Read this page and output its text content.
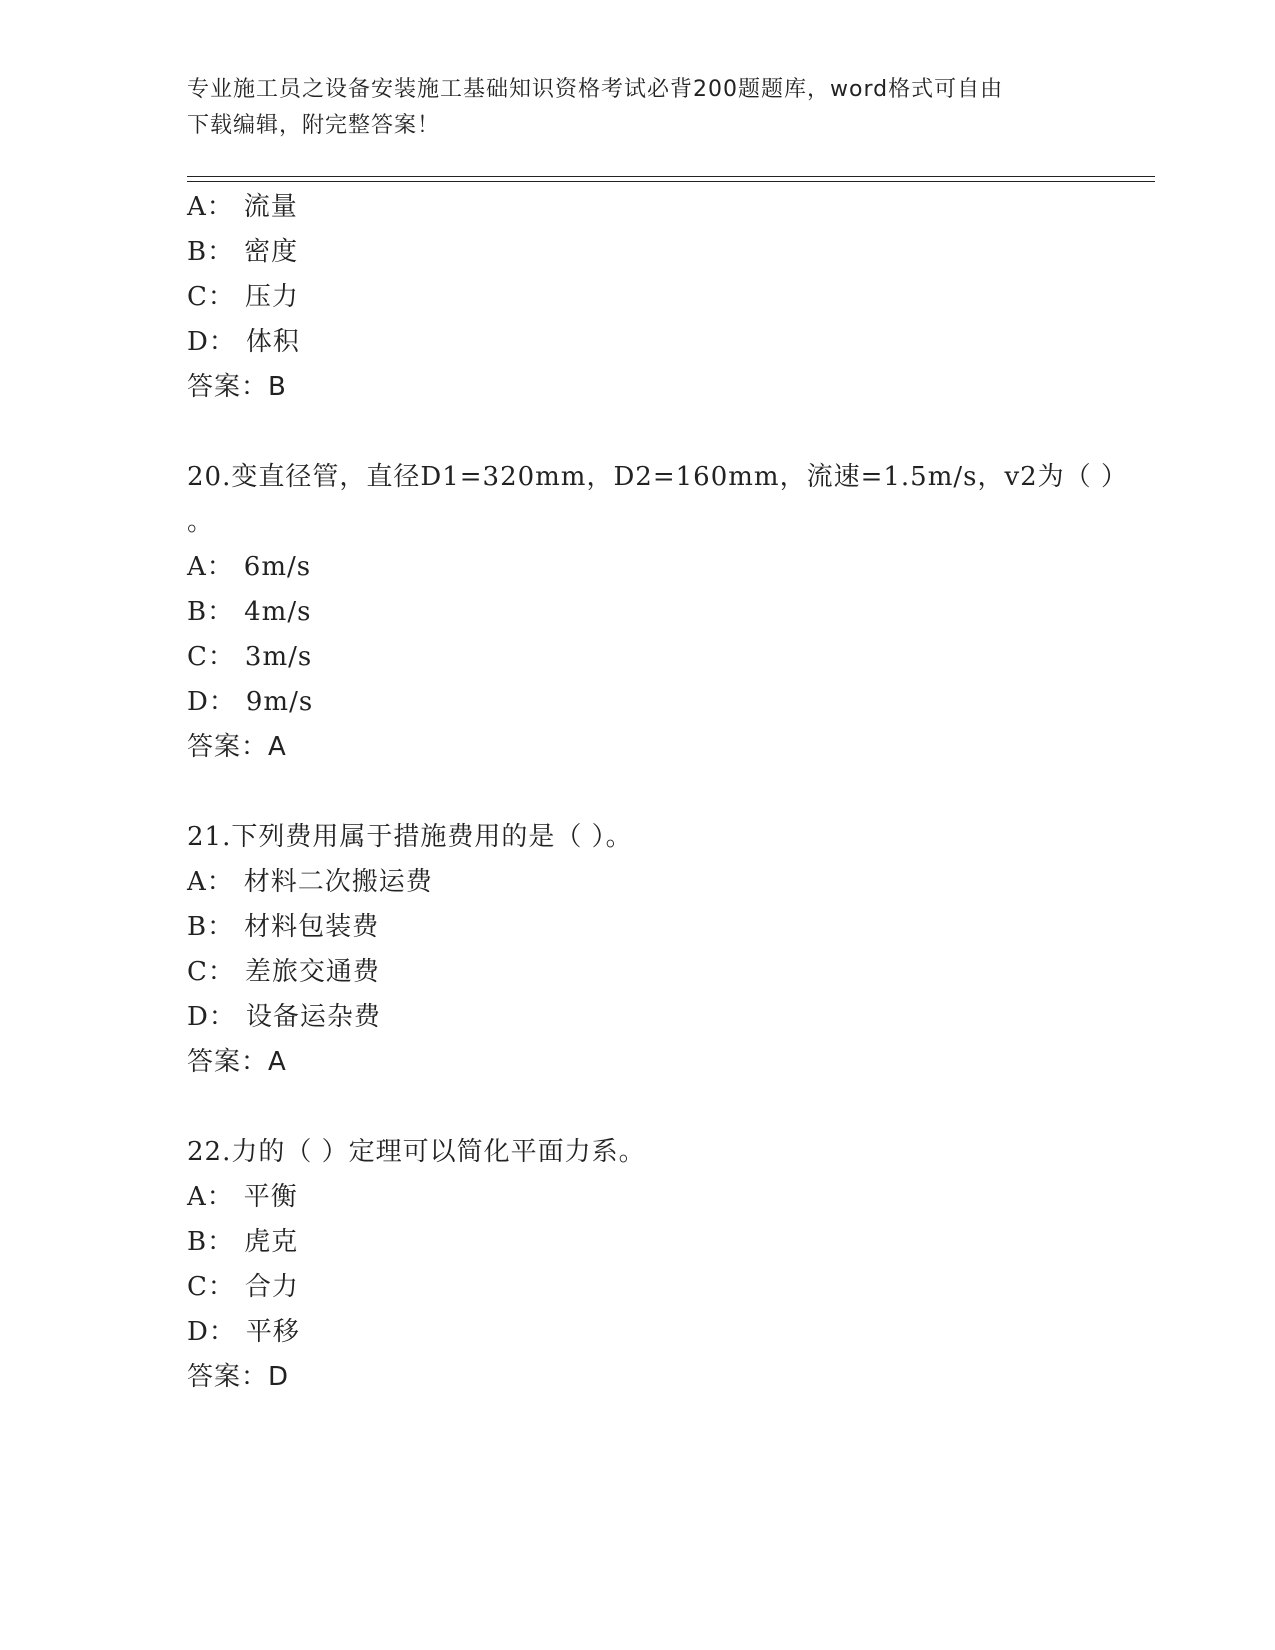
专业施工员之设备安装施工基础知识资格考试必背200题题库，word格式可自由
下载编辑，附完整答案！
A： 流量
B： 密度
C： 压力
D： 体积
答案：B
20.变直径管，直径D1=320mm，D2=160mm，流速=1.5m/s，v2为（ ）
。
A： 6m/s
B： 4m/s
C： 3m/s
D： 9m/s
答案：A
21.下列费用属于措施费用的是（ ）。
A： 材料二次搬运费
B： 材料包装费
C： 差旅交通费
D： 设备运杂费
答案：A
22.力的（ ）定理可以简化平面力系。
A： 平衡
B： 虎克
C： 合力
D： 平移
答案：D
